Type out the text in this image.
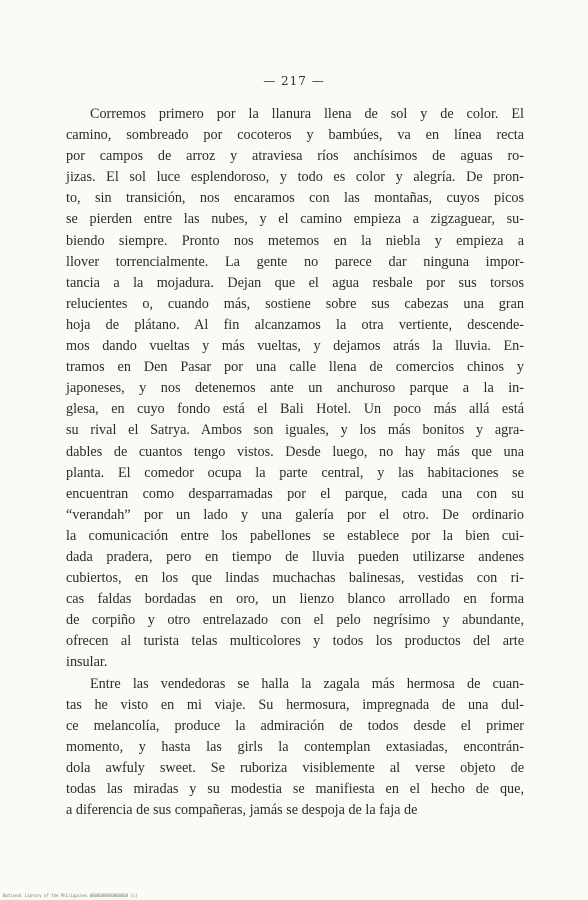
— 217 —
Corremos primero por la llanura llena de sol y de color. El
camino, sombreado por cocoteros y bambúes, va en línea recta
por campos de arroz y atraviesa ríos anchísimos de aguas ro-
jizas. El sol luce esplendoroso, y todo es color y alegría. De pron-
to, sin transición, nos encaramos con las montañas, cuyos picos
se pierden entre las nubes, y el camino empieza a zigzaguear, su-
biendo siempre. Pronto nos metemos en la niebla y empieza a
llover torrencialmente. La gente no parece dar ninguna impor-
tancia a la mojadura. Dejan que el agua resbale por sus torsos
relucientes o, cuando más, sostiene sobre sus cabezas una gran
hoja de plátano. Al fin alcanzamos la otra vertiente, descende-
mos dando vueltas y más vueltas, y dejamos atrás la lluvia. En-
tramos en Den Pasar por una calle llena de comercios chinos y
japoneses, y nos detenemos ante un anchuroso parque a la in-
glesa, en cuyo fondo está el Bali Hotel. Un poco más allá está
su rival el Satrya. Ambos son iguales, y los más bonitos y agra-
dables de cuantos tengo vistos. Desde luego, no hay más que una
planta. El comedor ocupa la parte central, y las habitaciones se
encuentran como desparramadas por el parque, cada una con su
“verandah” por un lado y una galería por el otro. De ordinario
la comunicación entre los pabellones se establece por la bien cui-
dada pradera, pero en tiempo de lluvia pueden utilizarse andenes
cubiertos, en los que lindas muchachas balinesas, vestidas con ri-
cas faldas bordadas en oro, un lienzo blanco arrollado en forma
de corpiño y otro entrelazado con el pelo negrísimo y abundante,
ofrecen al turista telas multicolores y todos los productos del arte
insular.
Entre las vendedoras se halla la zagala más hermosa de cuan-
tas he visto en mi viaje. Su hermosura, impregnada de una dul-
ce melancolía, produce la admiración de todos desde el primer
momento, y hasta las girls la contemplan extasiadas, encontrán-
dola awfuly sweet. Se ruboriza visiblemente al verse objeto de
todas las miradas y su modestia se manifiesta en el hecho de que,
a diferencia de sus compañeras, jamás se despoja de la faja de
National Library of the Philippines 0000000000000000 (c)
